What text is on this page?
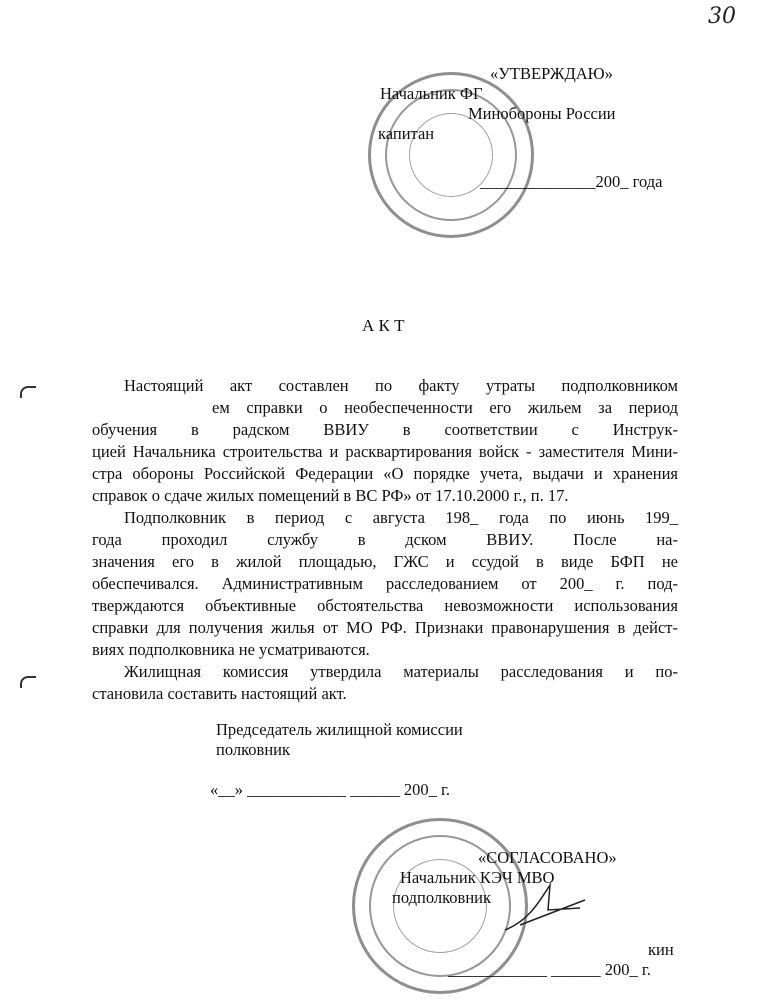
30
«УТВЕРЖДАЮ»
Начальник ФГ
Минобороны России
капитан
______________200_ года
А К Т
Настоящий акт составлен по факту утраты подполковником
ем справки о необеспеченности его жильем за период
обучения в радском ВВИУ в соответствии с Инструк-
цией Начальника строительства и расквартирования войск - заместителя Мини-
стра обороны Российской Федерации «О порядке учета, выдачи и хранения
справок о сдаче жилых помещений в ВС РФ» от 17.10.2000 г., п. 17.
Подполковник в период с августа 198_ года по июнь 199_
года проходил службу в дском ВВИУ. После на-
значения его в жилой площадью, ГЖС и ссудой в виде БФП не
обеспечивался. Административным расследованием от 200_ г. под-
тверждаются объективные обстоятельства невозможности использования
справки для получения жилья от МО РФ. Признаки правонарушения в дейст-
виях подполковника не усматриваются.
Жилищная комиссия утвердила материалы расследования и по-
становила составить настоящий акт.
Председатель жилищной комиссии
полковник
«__» ____________ ______ 200_ г.
«СОГЛАСОВАНО»
Начальник КЭЧ МВО
подполковник
кин
____________ ______ 200_ г.
